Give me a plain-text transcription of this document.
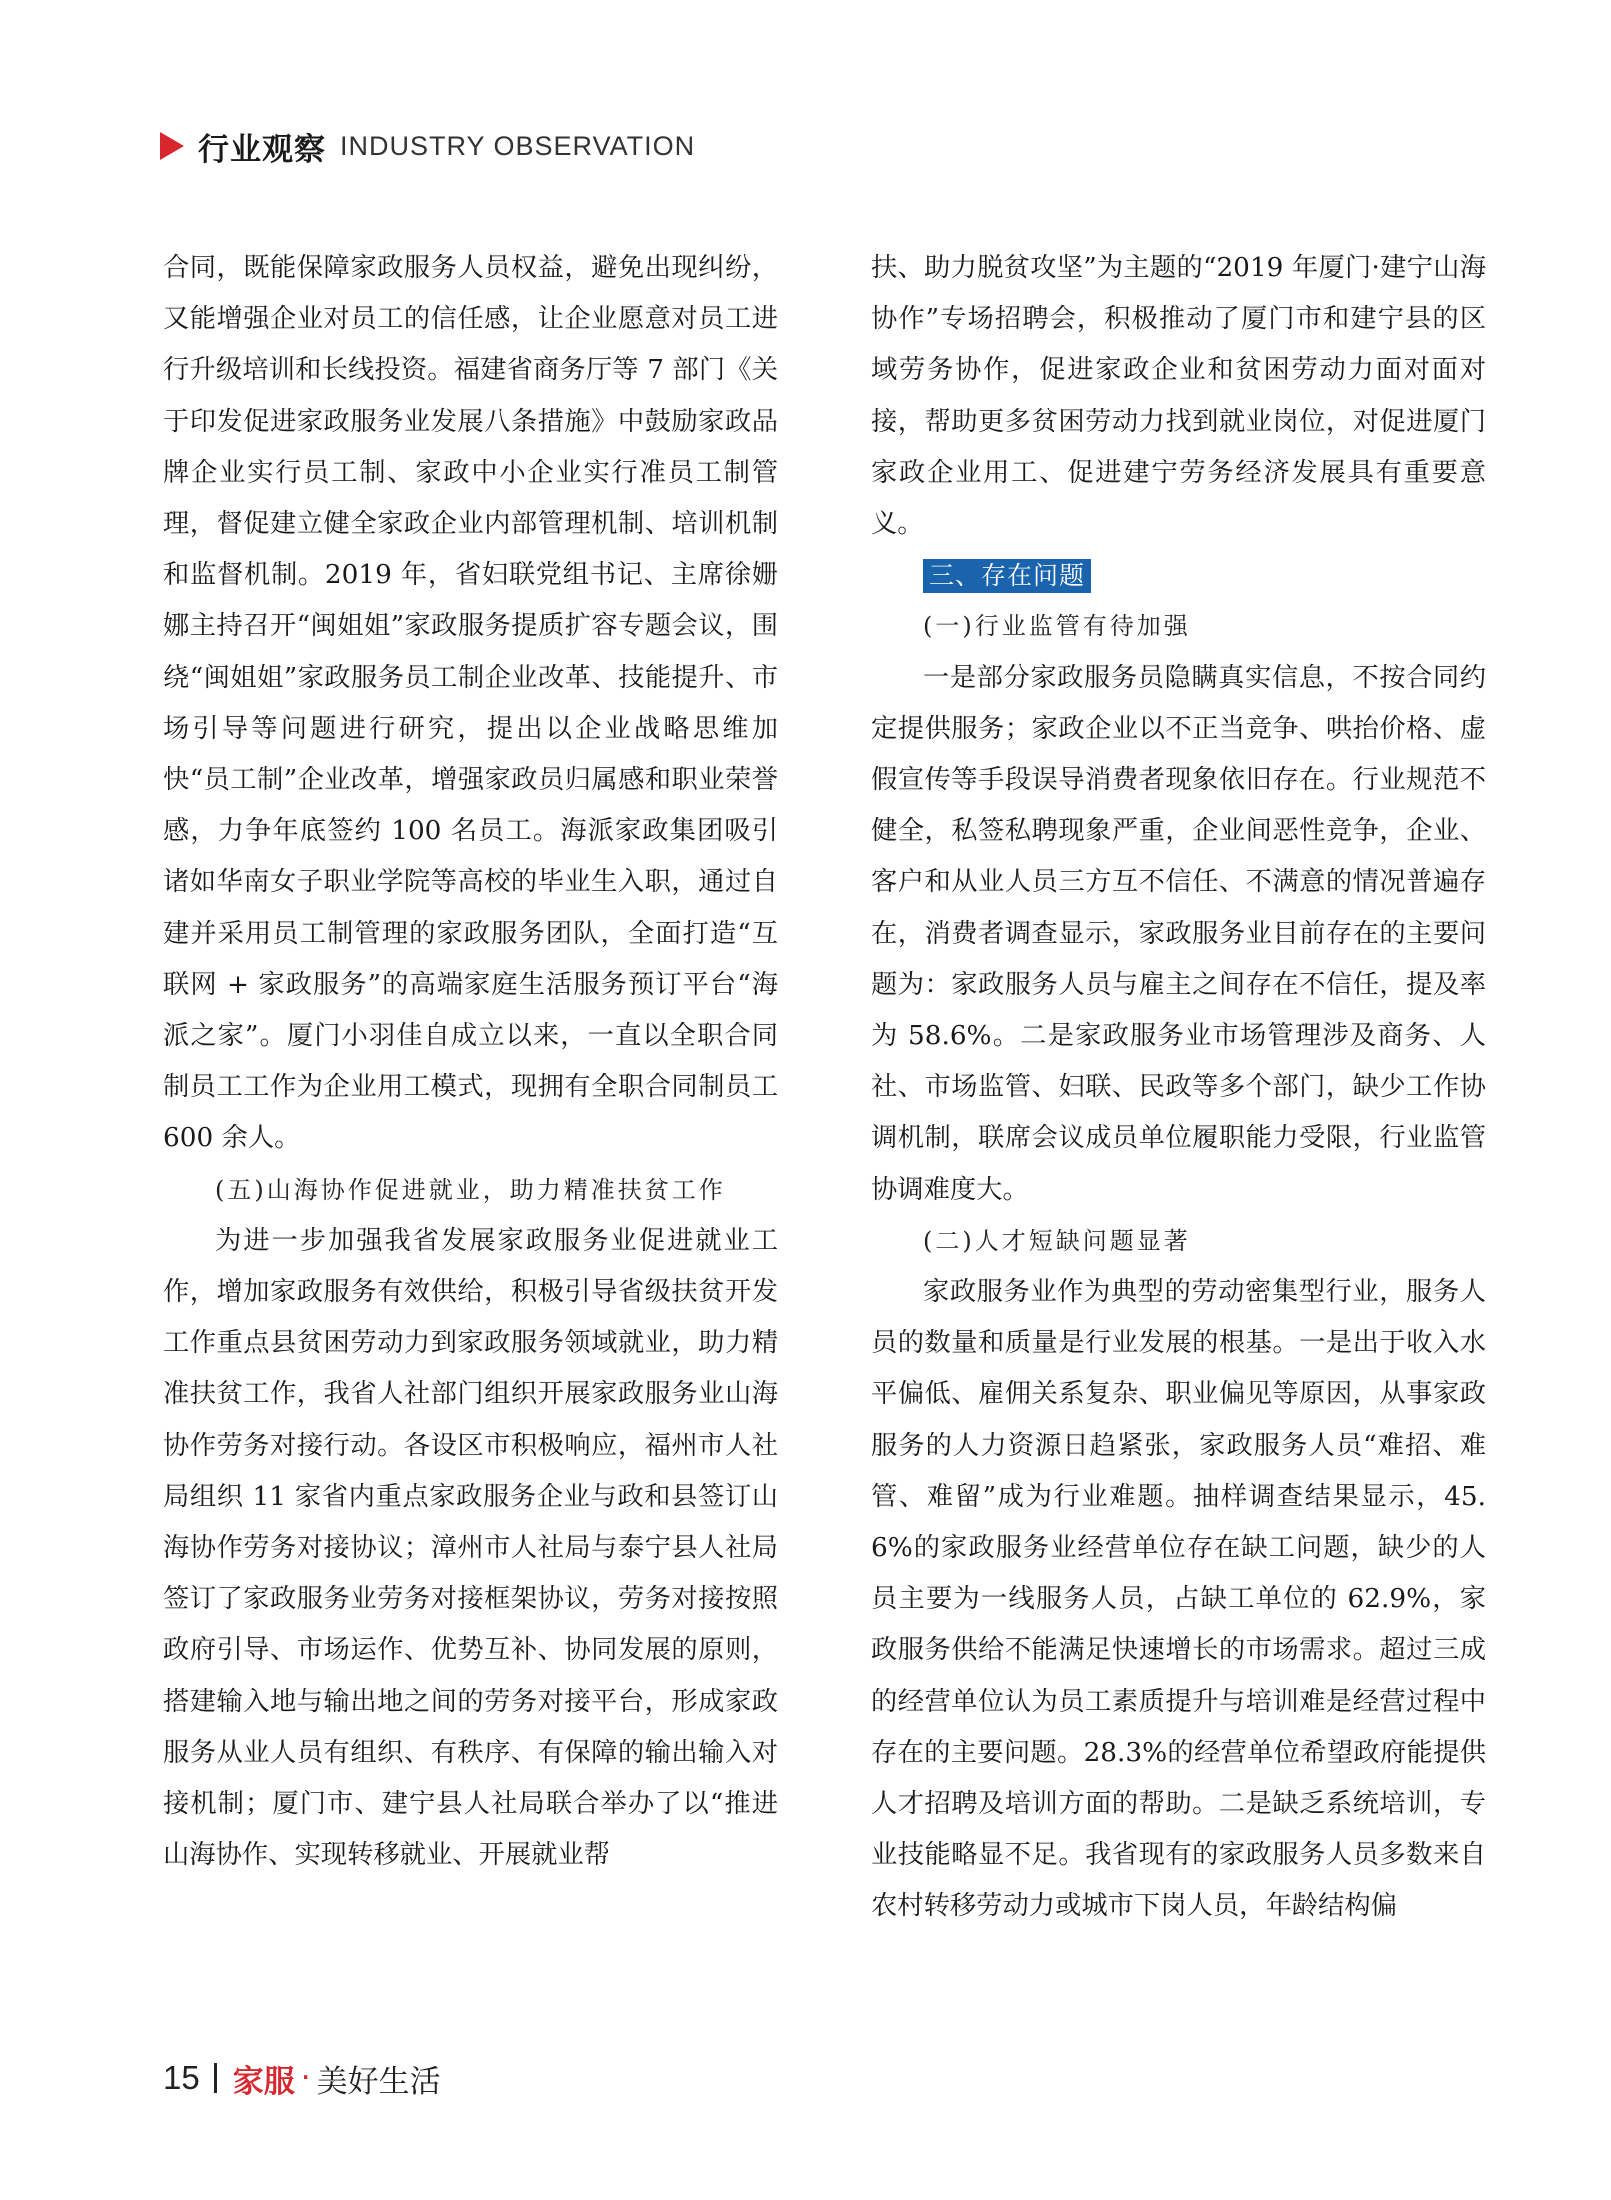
行业观察 INDUSTRY OBSERVATION

合同，既能保障家政服务人员权益，避免出现纠纷，又能增强企业对员工的信任感，让企业愿意对员工进行升级培训和长线投资。福建省商务厅等 7 部门《关于印发促进家政服务业发展八条措施》中鼓励家政品牌企业实行员工制、家政中小企业实行准员工制管理，督促建立健全家政企业内部管理机制、培训机制和监督机制。2019 年，省妇联党组书记、主席徐姗娜主持召开“闽姐姐”家政服务提质扩容专题会议，围绕“闽姐姐”家政服务员工制企业改革、技能提升、市场引导等问题进行研究，提出以企业战略思维加快“员工制”企业改革，增强家政员归属感和职业荣誉感，力争年底签约 100 名员工。海派家政集团吸引诸如华南女子职业学院等高校的毕业生入职，通过自建并采用员工制管理的家政服务团队，全面打造“互联网 + 家政服务”的高端家庭生活服务预订平台“海派之家”。厦门小羽佳自成立以来，一直以全职合同制员工工作为企业用工模式，现拥有全职合同制员工 600 余人。

(五)山海协作促进就业，助力精准扶贫工作

为进一步加强我省发展家政服务业促进就业工作，增加家政服务有效供给，积极引导省级扶贫开发工作重点县贫困劳动力到家政服务领域就业，助力精准扶贫工作，我省人社部门组织开展家政服务业山海协作劳务对接行动。各设区市积极响应，福州市人社局组织 11 家省内重点家政服务企业与政和县签订山海协作劳务对接协议；漳州市人社局与泰宁县人社局签订了家政服务业劳务对接框架协议，劳务对接按照政府引导、市场运作、优势互补、协同发展的原则，搭建输入地与输出地之间的劳务对接平台，形成家政服务从业人员有组织、有秩序、有保障的输出输入对接机制；厦门市、建宁县人社局联合举办了以“推进山海协作、实现转移就业、开展就业帮

扶、助力脱贫攻坚”为主题的“2019 年厦门·建宁山海协作”专场招聘会，积极推动了厦门市和建宁县的区域劳务协作，促进家政企业和贫困劳动力面对面对接，帮助更多贫困劳动力找到就业岗位，对促进厦门家政企业用工、促进建宁劳务经济发展具有重要意义。

三、存在问题

(一)行业监管有待加强

一是部分家政服务员隐瞒真实信息，不按合同约定提供服务；家政企业以不正当竞争、哄抬价格、虚假宣传等手段误导消费者现象依旧存在。行业规范不健全，私签私聘现象严重，企业间恶性竞争，企业、客户和从业人员三方互不信任、不满意的情况普遍存在，消费者调查显示，家政服务业目前存在的主要问题为：家政服务人员与雇主之间存在不信任，提及率为 58.6%。二是家政服务业市场管理涉及商务、人社、市场监管、妇联、民政等多个部门，缺少工作协调机制，联席会议成员单位履职能力受限，行业监管协调难度大。

(二)人才短缺问题显著

家政服务业作为典型的劳动密集型行业，服务人员的数量和质量是行业发展的根基。一是出于收入水平偏低、雇佣关系复杂、职业偏见等原因，从事家政服务的人力资源日趋紧张，家政服务人员“难招、难管、难留”成为行业难题。抽样调查结果显示，45.6%的家政服务业经营单位存在缺工问题，缺少的人员主要为一线服务人员，占缺工单位的 62.9%，家政服务供给不能满足快速增长的市场需求。超过三成的经营单位认为员工素质提升与培训难是经营过程中存在的主要问题。28.3%的经营单位希望政府能提供人才招聘及培训方面的帮助。二是缺乏系统培训，专业技能略显不足。我省现有的家政服务人员多数来自农村转移劳动力或城市下岗人员，年龄结构偏

15 家服 · 美好生活
